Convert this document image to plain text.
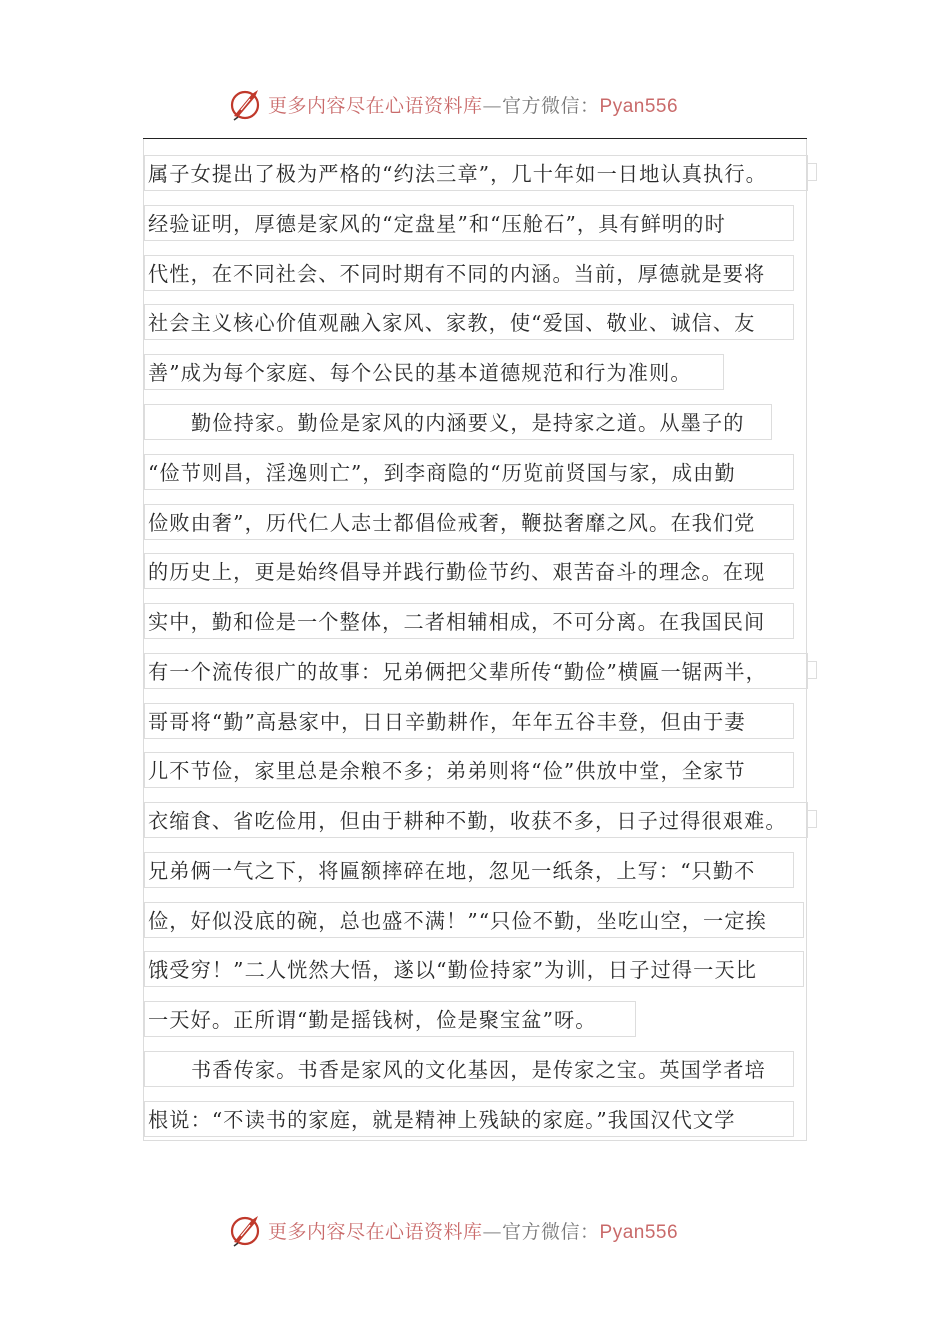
更多内容尽在心语资料库—官方微信：Pyan556
属子女提出了极为严格的“约法三章”，几十年如一日地认真执行。
经验证明，厚德是家风的“定盘星”和“压舱石”，具有鲜明的时
代性，在不同社会、不同时期有不同的内涵。当前，厚德就是要将
社会主义核心价值观融入家风、家教，使“爱国、敬业、诚信、友
善”成为每个家庭、每个公民的基本道德规范和行为准则。
勤俭持家。勤俭是家风的内涵要义，是持家之道。从墨子的
“俭节则昌，淫逸则亡”，到李商隐的“历览前贤国与家，成由勤
俭败由奢”，历代仁人志士都倡俭戒奢，鞭挞奢靡之风。在我们党
的历史上，更是始终倡导并践行勤俭节约、艰苦奋斗的理念。在现
实中，勤和俭是一个整体，二者相辅相成，不可分离。在我国民间
有一个流传很广的故事：兄弟俩把父辈所传“勤俭”横匾一锯两半，
哥哥将“勤”高悬家中，日日辛勤耕作，年年五谷丰登，但由于妻
儿不节俭，家里总是余粮不多；弟弟则将“俭”供放中堂，全家节
衣缩食、省吃俭用，但由于耕种不勤，收获不多，日子过得很艰难。
兄弟俩一气之下，将匾额摔碎在地，忽见一纸条，上写：“只勤不
俭，好似没底的碗，总也盛不满！”“只俭不勤，坐吃山空，一定挨
饿受穷！”二人恍然大悟，遂以“勤俭持家”为训，日子过得一天比
一天好。正所谓“勤是摇钱树，俭是聚宝盆”呀。
书香传家。书香是家风的文化基因，是传家之宝。英国学者培
根说：“不读书的家庭，就是精神上残缺的家庭。”我国汉代文学
更多内容尽在心语资料库—官方微信：Pyan556
